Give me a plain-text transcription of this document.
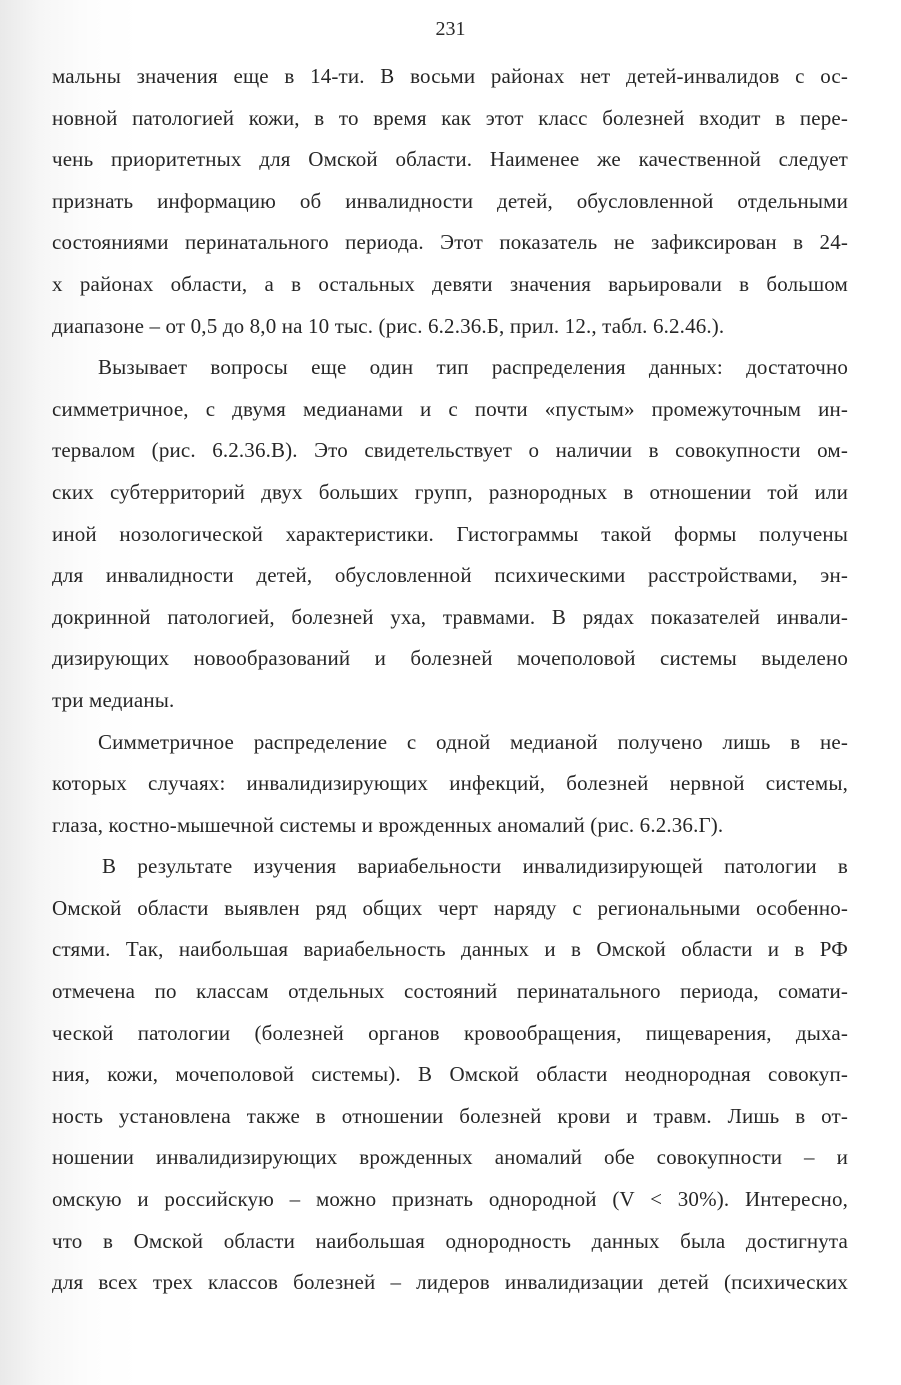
231
мальны значения еще в 14-ти. В восьми районах нет детей-инвалидов с ос-
новной патологией кожи, в то время как этот класс болезней входит в пере-
чень приоритетных для Омской области. Наименее же качественной следует
признать информацию об инвалидности детей, обусловленной отдельными
состояниями перинатального периода. Этот показатель не зафиксирован в 24-
х районах области, а в остальных девяти значения варьировали в большом
диапазоне – от 0,5 до 8,0 на 10 тыс. (рис. 6.2.36.Б, прил. 12., табл. 6.2.46.).
Вызывает вопросы еще один тип распределения данных: достаточно
симметричное, с двумя медианами и с почти «пустым» промежуточным ин-
тервалом (рис. 6.2.36.В). Это свидетельствует о наличии в совокупности ом-
ских субтерриторий двух больших групп, разнородных в отношении той или
иной нозологической характеристики. Гистограммы такой формы получены
для инвалидности детей, обусловленной психическими расстройствами, эн-
докринной патологией, болезней уха, травмами. В рядах показателей инвали-
дизирующих новообразований и болезней мочеполовой системы выделено
три медианы.
Симметричное распределение с одной медианой получено лишь в не-
которых случаях: инвалидизирующих инфекций, болезней нервной системы,
глаза, костно-мышечной системы и врожденных аномалий (рис. 6.2.36.Г).
В результате изучения вариабельности инвалидизирующей патологии в
Омской области выявлен ряд общих черт наряду с региональными особенно-
стями. Так, наибольшая вариабельность данных и в Омской области и в РФ
отмечена по классам отдельных состояний перинатального периода, сомати-
ческой патологии (болезней органов кровообращения, пищеварения, дыха-
ния, кожи, мочеполовой системы). В Омской области неоднородная совокуп-
ность установлена также в отношении болезней крови и травм. Лишь в от-
ношении инвалидизирующих врожденных аномалий обе совокупности – и
омскую и российскую – можно признать однородной (V < 30%). Интересно,
что в Омской области наибольшая однородность данных была достигнута
для всех трех классов болезней – лидеров инвалидизации детей (психических
